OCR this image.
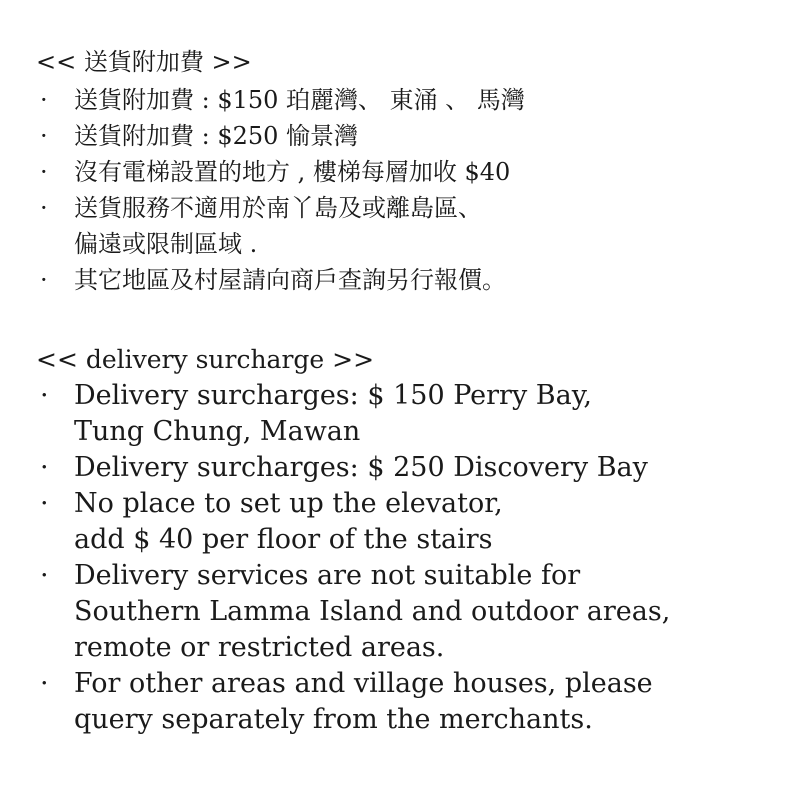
<< 送貨附加費 >>
· 送貨附加費 : $150 珀麗灣、 東涌 、 馬灣
· 送貨附加費 : $250 愉景灣
· 沒有電梯設置的地方 , 樓梯每層加收 $40
· 送貨服務不適用於南丫島及或離島區、
偏遠或限制區域 .
· 其它地區及村屋請向商戶查詢另行報價。
<< delivery surcharge >>
· Delivery surcharges: $ 150 Perry Bay,
Tung Chung, Mawan
· Delivery surcharges: $ 250 Discovery Bay
· No place to set up the elevator,
add $ 40 per floor of the stairs
· Delivery services are not suitable for
Southern Lamma Island and outdoor areas,
remote or restricted areas.
· For other areas and village houses, please
query separately from the merchants.
